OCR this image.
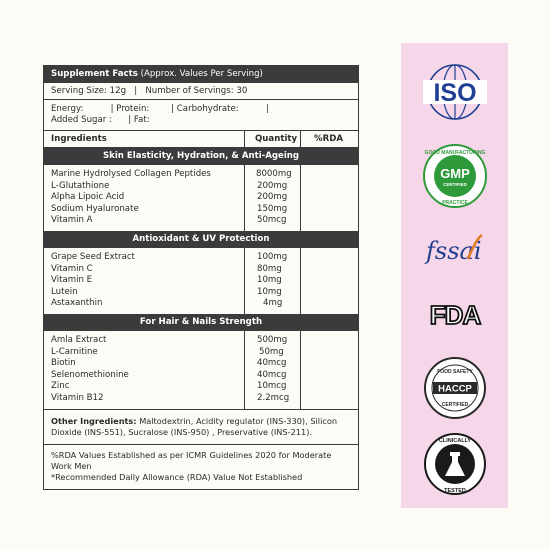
Supplement Facts (Approx. Values Per Serving)
Serving Size: 12g   |   Number of Servings: 30
Energy:          | Protein:        | Carbohydrate:          |
Added Sugar :      | Fat:
Ingredients	Quantity	%RDA
Skin Elasticity, Hydration, & Anti-Ageing
Marine Hydrolysed Collagen Peptides
L-Glutathione
Alpha Lipoic Acid
Sodium Hyaluronate
Vitamin A
8000mg
200mg
200mg
150mg
50mcg
Antioxidant & UV Protection
Grape Seed Extract
Vitamin C
Vitamin E
Lutein
Astaxanthin
100mg
80mg
10mg
10mg
4mg
For Hair & Nails Strength
Amla Extract
L-Carnitine
Biotin
Selenomethionine
Zinc
Vitamin B12
500mg
50mg
40mcg
40mcg
10mcg
2.2mcg
Other Ingredients: Maltodextrin, Acidity regulator (INS-330), Silicon Dioxide (INS-551), Sucralose (INS-950) , Preservative (INS-211).
%RDA Values Established as per ICMR Guidelines 2020 for Moderate Work Men
*Recommended Daily Allowance (RDA) Value Not Established
ISO
GOOD MANUFACTURING
GMP
CERTIFIED
PRACTICE
fssai
FDA
FOOD SAFETY
HACCP
CERTIFIED
CLINICALLY
TESTED
